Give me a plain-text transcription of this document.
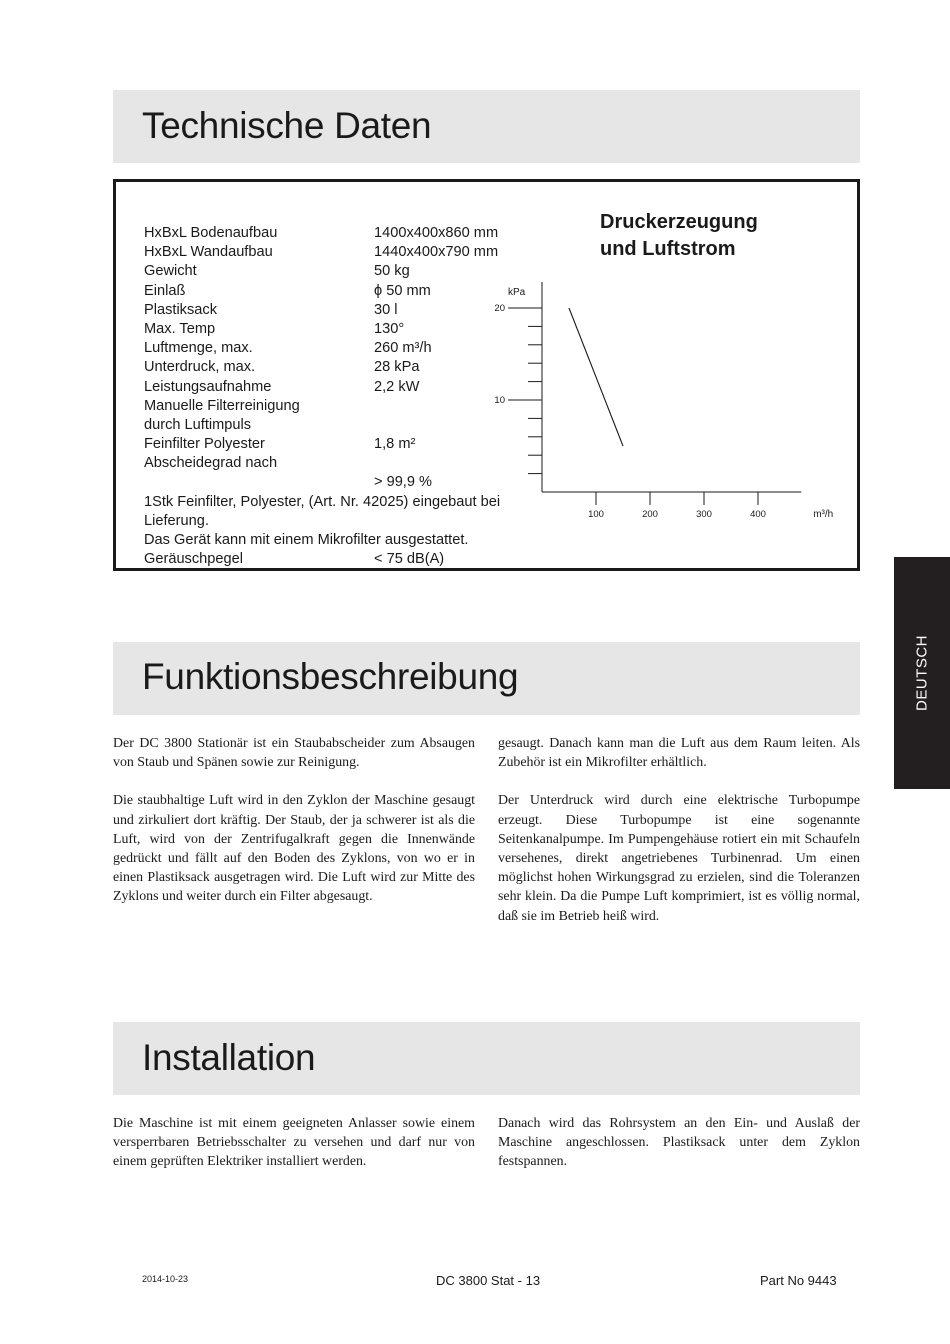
Technische Daten
HxBxL Bodenaufbau	1400x400x860 mm
HxBxL Wandaufbau	1440x400x790 mm
Gewicht	50 kg
Einlaß	ϕ 50 mm
Plastiksack	30 l
Max. Temp	130°
Luftmenge, max.	260 m³/h
Unterdruck, max.	28 kPa
Leistungsaufnahme	2,2 kW
Manuelle Filterreinigung
durch Luftimpuls
Feinfilter Polyester	1,8 m²
Abscheidegrad nach
> 99,9 %
1Stk Feinfilter, Polyester, (Art. Nr. 42025) eingebaut bei
Lieferung.
Das Gerät kann mit einem Mikrofilter ausgestattet.
Geräuschpegel	< 75 dB(A)
Druckerzeugung
und Luftstrom
20
10
100	200	300	400
kPa
m³/h
Funktionsbeschreibung

Der DC 3800 Stationär ist ein Staubabscheider zum Absaugen von Staub und Spänen sowie zur Reinigung.

Die staubhaltige Luft wird in den Zyklon der Maschine gesaugt und zirkuliert dort kräftig. Der Staub, der ja schwerer ist als die Luft, wird von der Zentrifugalkraft gegen die Innenwände gedrückt und fällt auf den Boden des Zyklons, von wo er in einen Plastiksack ausgetragen wird. Die Luft wird zur Mitte des Zyklons und weiter durch ein Filter abgesaugt.

gesaugt. Danach kann man die Luft aus dem Raum leiten. Als Zubehör ist ein Mikrofilter erhältlich.

Der Unterdruck wird durch eine elektrische Turbopumpe erzeugt. Diese Turbopumpe ist eine sogenannte Seitenkanalpumpe. Im Pumpengehäuse rotiert ein mit Schaufeln versehenes, direkt angetriebenes Turbinenrad. Um einen möglichst hohen Wirkungsgrad zu erzielen, sind die Toleranzen sehr klein. Da die Pumpe Luft komprimiert, ist es völlig normal, daß sie im Betrieb heiß wird.

Installation

Die Maschine ist mit einem geeigneten Anlasser sowie einem versperrbaren Betriebsschalter zu versehen und darf nur von einem geprüften Elektriker installiert werden.

Danach wird das Rohrsystem an den Ein- und Auslaß der Maschine angeschlossen. Plastiksack unter dem Zyklon festspannen.

DEUTSCH
2014-10-23	DC 3800 Stat - 13	Part No 9443
